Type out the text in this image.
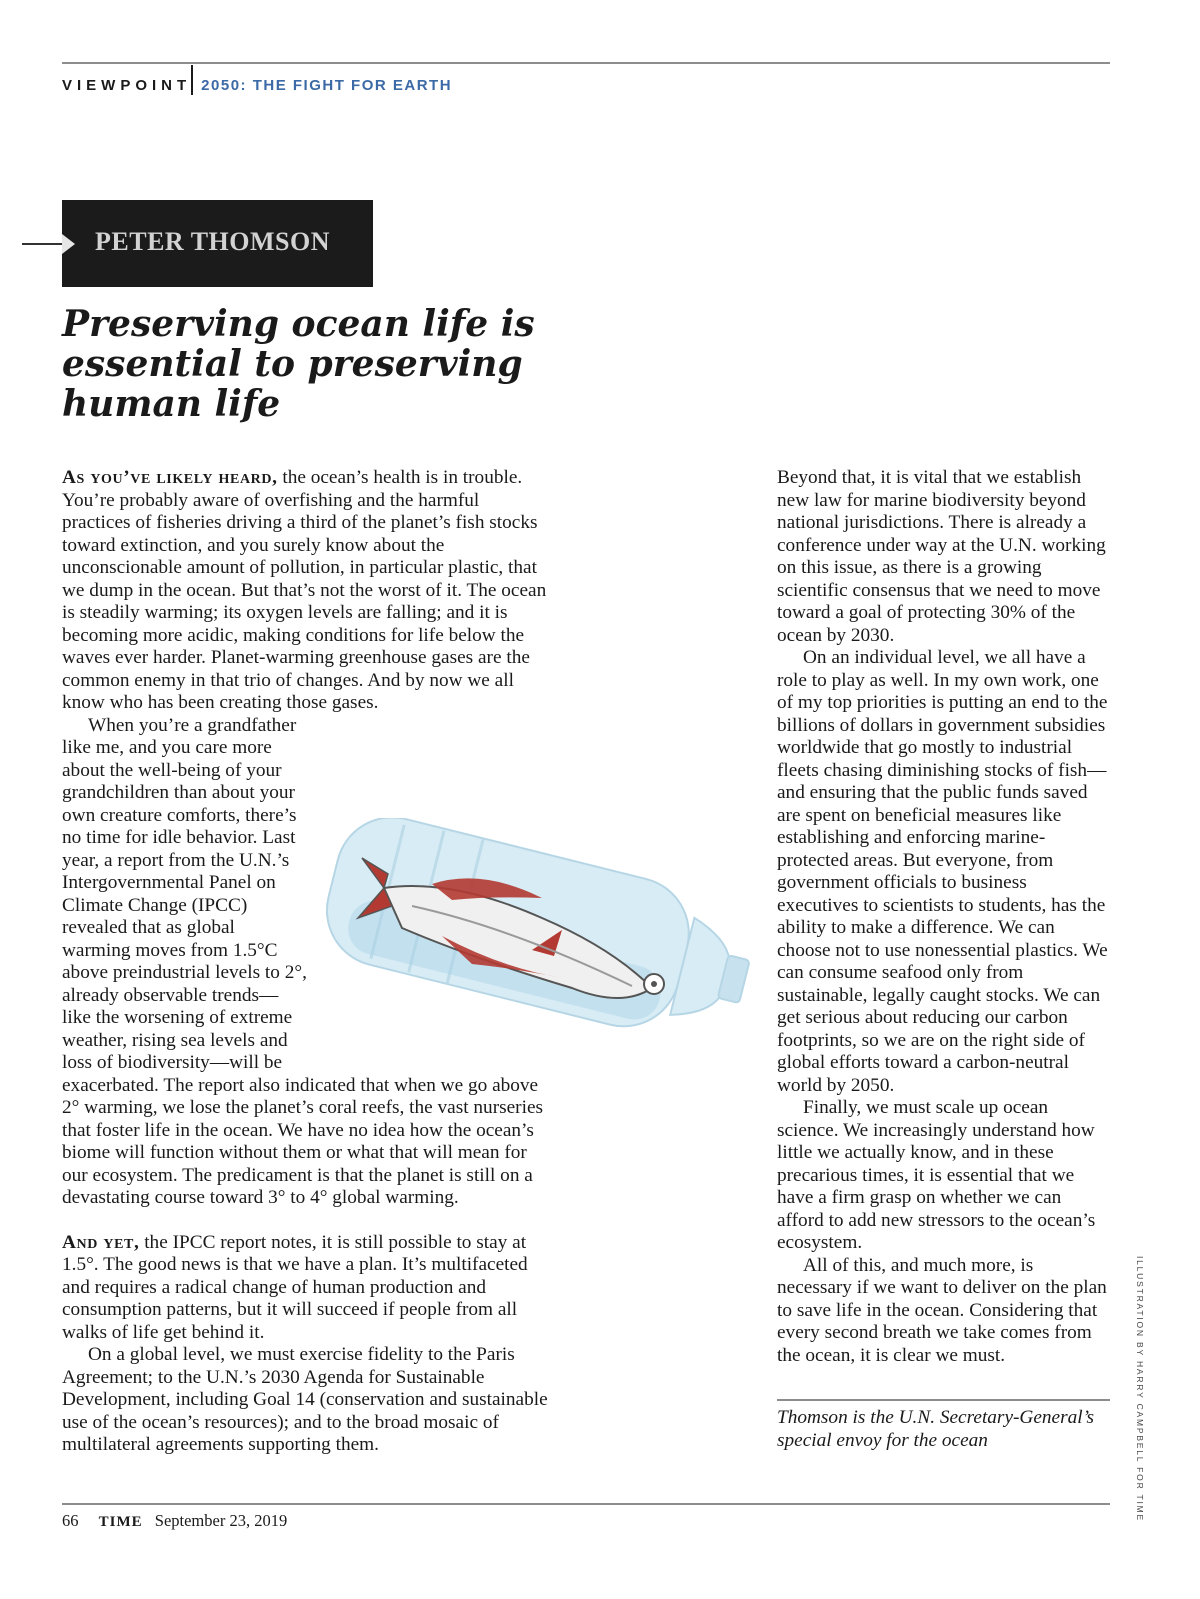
VIEWPOINT 2050: THE FIGHT FOR EARTH
PETER THOMSON
Preserving ocean life is essential to preserving human life

As you’ve likely heard, the ocean’s health is in trouble. You’re probably aware of overfishing and the harmful practices of fisheries driving a third of the planet’s fish stocks toward extinction, and you surely know about the unconscionable amount of pollution, in particular plastic, that we dump in the ocean. But that’s not the worst of it. The ocean is steadily warming; its oxygen levels are falling; and it is becoming more acidic, making conditions for life below the waves ever harder. Planet-warming greenhouse gases are the common enemy in that trio of changes. And by now we all know who has been creating those gases.

When you’re a grandfather like me, and you care more about the well-being of your grandchildren than about your own creature comforts, there’s no time for idle behavior. Last year, a report from the U.N.’s Intergovernmental Panel on Climate Change (IPCC) revealed that as global warming moves from 1.5°C above preindustrial levels to 2°, already observable trends—like the worsening of extreme weather, rising sea levels and loss of biodiversity—will be exacerbated. The report also indicated that when we go above 2° warming, we lose the planet’s coral reefs, the vast nurseries that foster life in the ocean. We have no idea how the ocean’s biome will function without them or what that will mean for our ecosystem. The predicament is that the planet is still on a devastating course toward 3° to 4° global warming.

And yet, the IPCC report notes, it is still possible to stay at 1.5°. The good news is that we have a plan. It’s multifaceted and requires a radical change of human production and consumption patterns, but it will succeed if people from all walks of life get behind it.

On a global level, we must exercise fidelity to the Paris Agreement; to the U.N.’s 2030 Agenda for Sustainable Development, including Goal 14 (conservation and sustainable use of the ocean’s resources); and to the broad mosaic of multilateral agreements supporting them.

Beyond that, it is vital that we establish new law for marine biodiversity beyond national jurisdictions. There is already a conference under way at the U.N. working on this issue, as there is a growing scientific consensus that we need to move toward a goal of protecting 30% of the ocean by 2030.

On an individual level, we all have a role to play as well. In my own work, one of my top priorities is putting an end to the billions of dollars in government subsidies worldwide that go mostly to industrial fleets chasing diminishing stocks of fish—and ensuring that the public funds saved are spent on beneficial measures like establishing and enforcing marine-protected areas. But everyone, from government officials to business executives to scientists to students, has the ability to make a difference. We can choose not to use nonessential plastics. We can consume seafood only from sustainable, legally caught stocks. We can get serious about reducing our carbon footprints, so we are on the right side of global efforts toward a carbon-neutral world by 2050.

Finally, we must scale up ocean science. We increasingly understand how little we actually know, and in these precarious times, it is essential that we have a firm grasp on whether we can afford to add new stressors to the ocean’s ecosystem.

All of this, and much more, is necessary if we want to deliver on the plan to save life in the ocean. Considering that every second breath we take comes from the ocean, it is clear we must.

Thomson is the U.N. Secretary-General’s special envoy for the ocean	ILLUSTRATION BY HARRY CAMPBELL FOR TIME
66 TIME September 23, 2019
